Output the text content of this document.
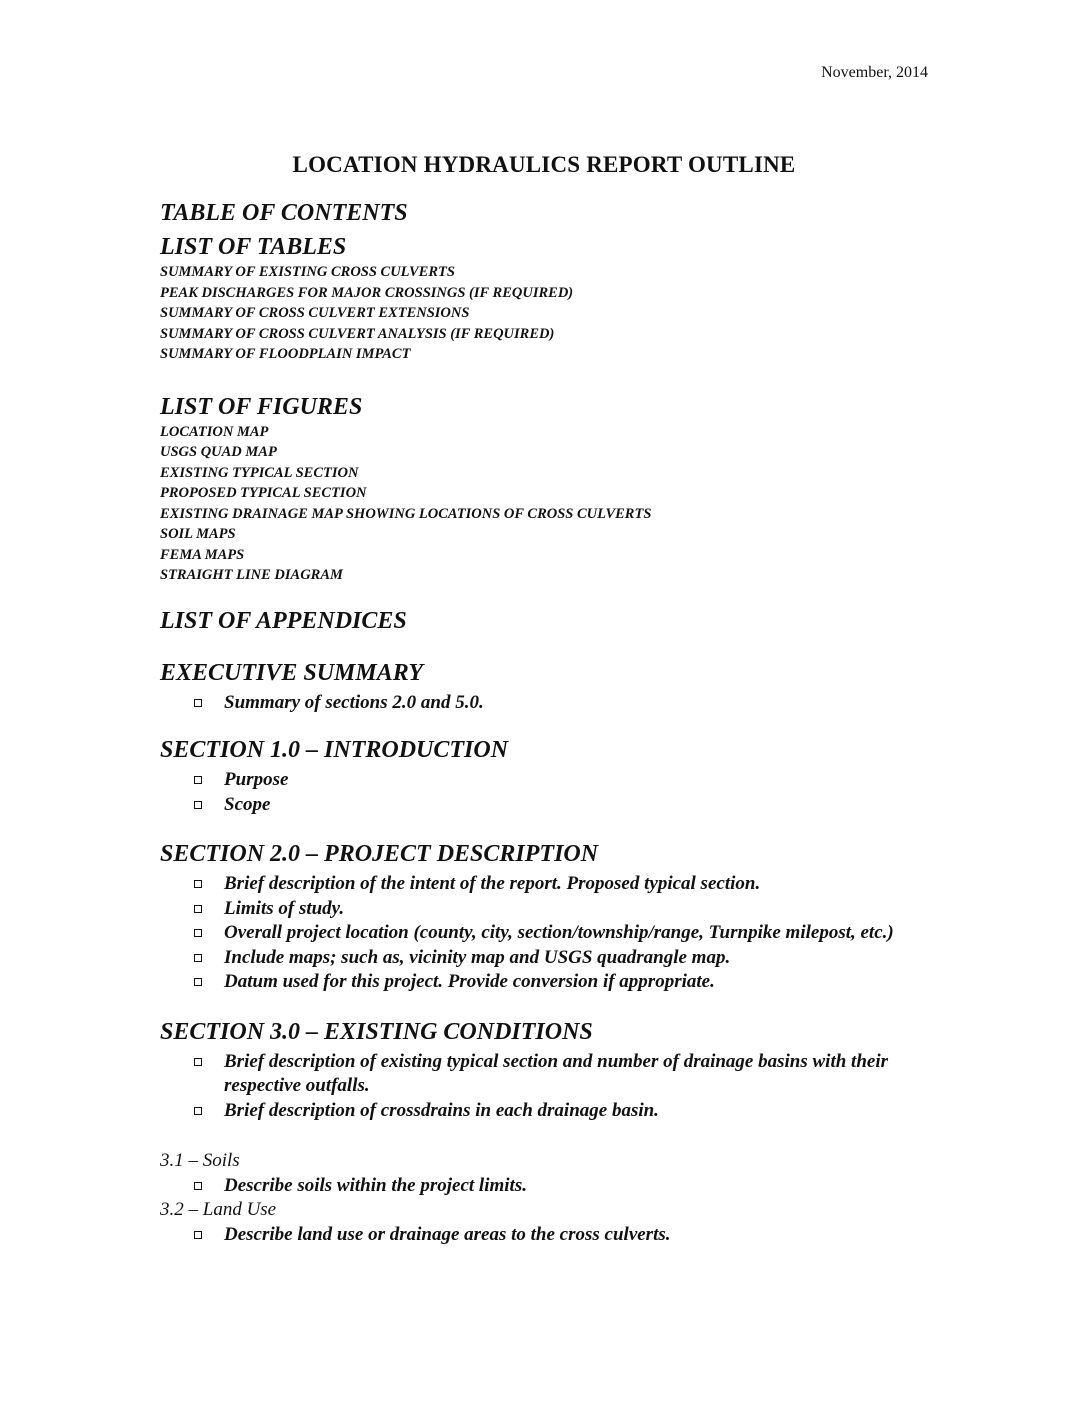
November, 2014
LOCATION HYDRAULICS REPORT OUTLINE
TABLE OF CONTENTS
LIST OF TABLES
SUMMARY OF EXISTING CROSS CULVERTS
PEAK DISCHARGES FOR MAJOR CROSSINGS (IF REQUIRED)
SUMMARY OF CROSS CULVERT EXTENSIONS
SUMMARY OF CROSS CULVERT ANALYSIS (IF REQUIRED)
SUMMARY OF FLOODPLAIN IMPACT
LIST OF FIGURES
LOCATION MAP
USGS QUAD MAP
EXISTING TYPICAL SECTION
PROPOSED TYPICAL SECTION
EXISTING DRAINAGE MAP SHOWING LOCATIONS OF CROSS CULVERTS
SOIL MAPS
FEMA MAPS
STRAIGHT LINE DIAGRAM
LIST OF APPENDICES
EXECUTIVE SUMMARY
Summary of sections 2.0 and 5.0.
SECTION 1.0 – INTRODUCTION
Purpose
Scope
SECTION 2.0 – PROJECT DESCRIPTION
Brief description of the intent of the report. Proposed typical section.
Limits of study.
Overall project location (county, city, section/township/range, Turnpike milepost, etc.)
Include maps; such as, vicinity map and USGS quadrangle map.
Datum used for this project. Provide conversion if appropriate.
SECTION 3.0 – EXISTING CONDITIONS
Brief description of existing typical section and number of drainage basins with their respective outfalls.
Brief description of crossdrains in each drainage basin.

3.1 – Soils

Describe soils within the project limits.

3.2 – Land Use

Describe land use or drainage areas to the cross culverts.
